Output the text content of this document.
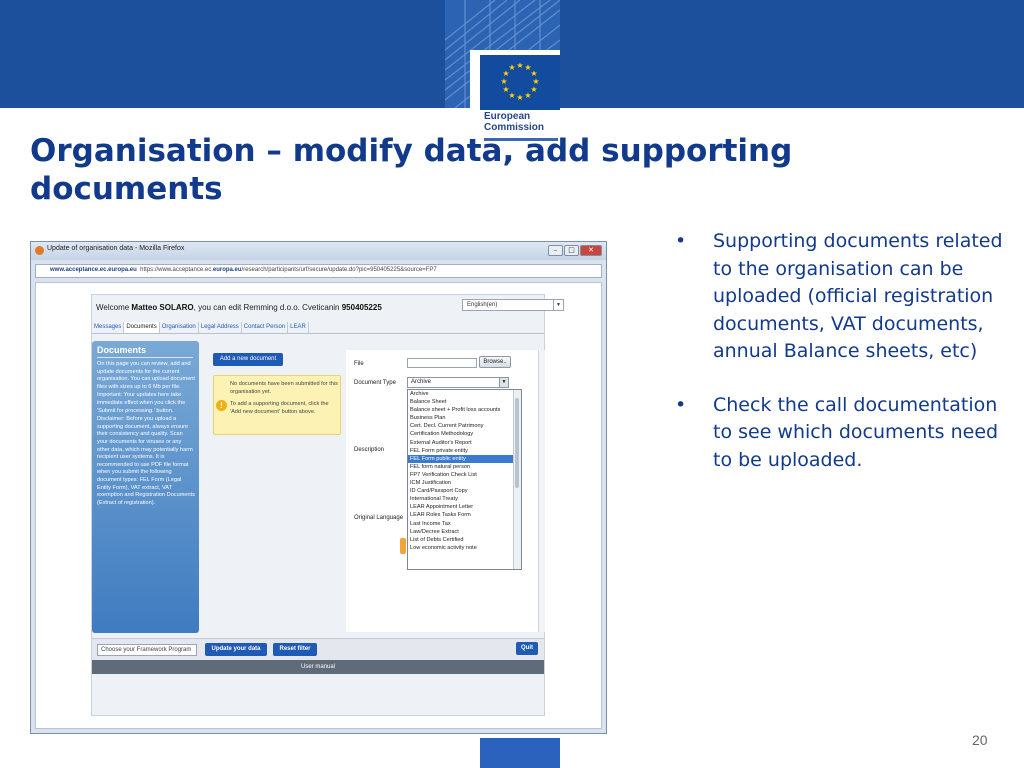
★ ★
★
★
★
★
★
★
★
★
★
★
European
Commission
Organisation – modify data, add supporting documents
Update of organisation data - Mozilla Firefox	–	□	✕
www.acceptance.ec.europa.eu https://www.acceptance.ec.europa.eu/research/participants/urf/secure/update.do?pic=950405225&source=FP7
Welcome Matteo SOLARO, you can edit Remming d.o.o. Cveticanin 950405225	English(en)	▼
Messages Documents Organisation Legal Address Contact Person LEAR
Documents

On this page you can review, add and update documents for the current organisation. You can upload document files with sizes up to 6 Mb per file.

Important: Your updates here take immediate effect when you click the 'Submit for processing.' button.

Disclaimer: Before you upload a supporting document, always ensure their consistency and quality. Scan your documents for viruses or any other data, which may potentially harm recipient user systems. It is recommended to use PDF file format when you submit the following document types: FEL Form (Legal Entity Form), VAT extract, VAT exemption and Registration Documents (Extract of registration).

Add a new document
!

No documents have been submitted for this organisation yet.

To add a supporting document, click the 'Add new document' button above.

File	Browse..
Document Type	Archive	▼
Archive
Balance Sheet
Balance sheet + Profit loss accounts
Business Plan
Cert. Decl. Current Patrimony
Certification Methodology
External Auditor's Report
FEL Form private entity
FEL Form public entity
FEL form natural person
FP7 Verification Check List
ICM Justification
ID Card/Passport Copy
International Treaty
LEAR Appointment Letter
LEAR Roles Tasks Form
Last Income Tax
Law/Decree Extract
List of Debts Certified
Low economic activity note
Description
Original Language
Choose your Framework Program	Update your data	Reset filter	Quit
User manual
• Supporting documents related to the organisation can be uploaded (official registration documents, VAT documents, annual Balance sheets, etc)
• Check the call documentation to see which documents need to be uploaded.
20
